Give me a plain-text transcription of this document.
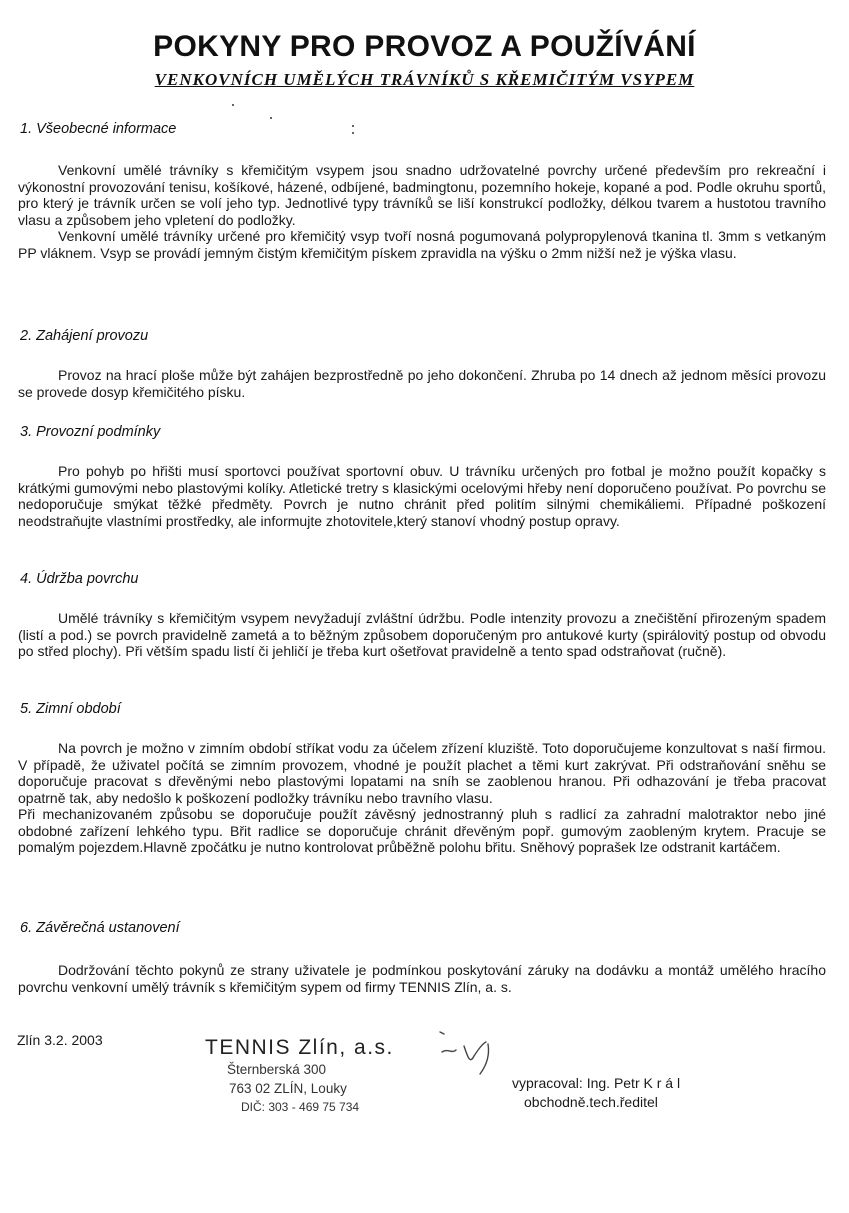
POKYNY PRO PROVOZ A POUŽÍVÁNÍ
VENKOVNÍCH UMĚLÝCH TRÁVNÍKŮ S KŘEMIČITÝM VSYPEM
1. Všeobecné informace

Venkovní umělé trávníky s křemičitým vsypem jsou snadno udržovatelné povrchy určené především pro rekreační i výkonostní provozování tenisu, košíkové, házené, odbíjené, badmingtonu, pozemního hokeje, kopané a pod. Podle okruhu sportů, pro který je trávník určen se volí jeho typ. Jednotlivé typy trávníků se liší konstrukcí podložky, délkou tvarem a hustotou travního vlasu a způsobem jeho vpletení do podložky.

Venkovní umělé trávníky určené pro křemičitý vsyp tvoří nosná pogumovaná polypropylenová tkanina tl. 3mm s vetkaným PP vláknem. Vsyp se provádí jemným čistým křemičitým pískem zpravidla na výšku o 2mm nižší než je výška vlasu.

2. Zahájení provozu

Provoz na hrací ploše může být zahájen bezprostředně po jeho dokončení. Zhruba po 14 dnech až jednom měsíci provozu se provede dosyp křemičitého písku.

3. Provozní podmínky

Pro pohyb po hřišti musí sportovci používat sportovní obuv. U trávníku určených pro fotbal je možno použít kopačky s krátkými gumovými nebo plastovými kolíky. Atletické tretry s klasickými ocelovými hřeby není doporučeno používat. Po povrchu se nedoporučuje smýkat těžké předměty. Povrch je nutno chránit před politím silnými chemikáliemi. Případné poškození neodstraňujte vlastními prostředky, ale informujte zhotovitele,který stanoví vhodný postup opravy.

4. Údržba povrchu

Umělé trávníky s křemičitým vsypem nevyžadují zvláštní údržbu. Podle intenzity provozu a znečištění přirozeným spadem (listí a pod.) se povrch pravidelně zametá a to běžným způsobem doporučeným pro antukové kurty (spirálovitý postup od obvodu po střed plochy). Při větším spadu listí či jehličí je třeba kurt ošetřovat pravidelně a tento spad odstraňovat (ručně).

5. Zimní období

Na povrch je možno v zimním období stříkat vodu za účelem zřízení kluziště. Toto doporučujeme konzultovat s naší firmou. V případě, že uživatel počítá se zimním provozem, vhodné je použít plachet a těmi kurt zakrývat. Při odstraňování sněhu se doporučuje pracovat s dřevěnými nebo plastovými lopatami na sníh se zaoblenou hranou. Při odhazování je třeba pracovat opatrně tak, aby nedošlo k poškození podložky trávníku nebo travního vlasu.

Při mechanizovaném způsobu se doporučuje použít závěsný jednostranný pluh s radlicí za zahradní malotraktor nebo jiné obdobné zařízení lehkého typu. Břit radlice se doporučuje chránit dřevěným popř. gumovým zaobleným krytem. Pracuje se pomalým pojezdem.Hlavně zpočátku je nutno kontrolovat průběžně polohu břitu. Sněhový poprašek lze odstranit kartáčem.

6. Závěrečná ustanovení

Dodržování těchto pokynů ze strany uživatele je podmínkou poskytování záruky na dodávku a montáž umělého hracího povrchu venkovní umělý trávník s křemičitým sypem od firmy TENNIS Zlín, a. s.

Zlín 3.2. 2003	TENNIS Zlín, a.s.
Šternberská 300
763 02 ZLÍN, Louky
DIČ: 303 - 469 75 734
vypracoval: Ing. Petr K r á l
obchodně.tech.ředitel
